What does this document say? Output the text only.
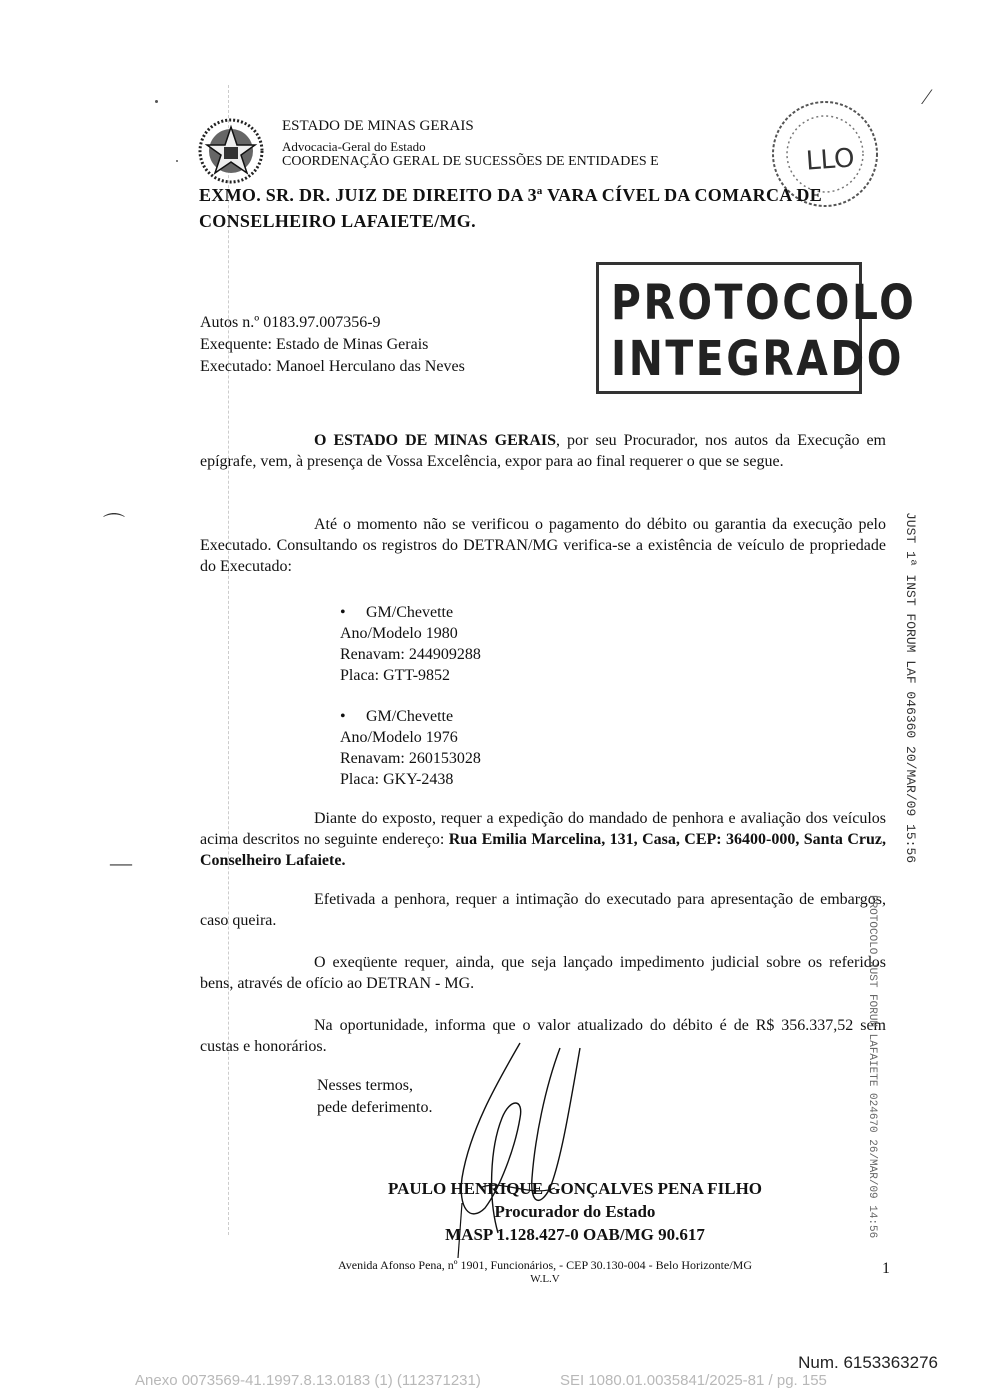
⌒
―
⁄
ESTADO DE MINAS GERAIS
Advocacia-Geral do Estado
COORDENAÇÃO GERAL DE SUCESSÕES DE ENTIDADES E	LLO
EXMO. SR. DR. JUIZ DE DIREITO DA 3ª VARA CÍVEL DA COMARCA DE
CONSELHEIRO LAFAIETE/MG.
PROTOCOLO
INTEGRADO
Autos n.º 0183.97.007356-9
Exequente: Estado de Minas Gerais
Executado: Manoel Herculano das Neves

O ESTADO DE MINAS GERAIS, por seu Procurador, nos autos da Execução em epígrafe, vem, à presença de Vossa Excelência, expor para ao final requerer o que se segue.

Até o momento não se verificou o pagamento do débito ou garantia da execução pelo Executado. Consultando os registros do DETRAN/MG verifica-se a existência de veículo de propriedade do Executado:

• GM/Chevette
Ano/Modelo 1980
Renavam: 244909288
Placa: GTT-9852
• GM/Chevette
Ano/Modelo 1976
Renavam: 260153028
Placa: GKY-2438

Diante do exposto, requer a expedição do mandado de penhora e avaliação dos veículos acima descritos no seguinte endereço: Rua Emilia Marcelina, 131, Casa, CEP: 36400-000, Santa Cruz, Conselheiro Lafaiete.

Efetivada a penhora, requer a intimação do executado para apresentação de embargos, caso queira.

O exeqüente requer, ainda, que seja lançado impedimento judicial sobre os referidos bens, através de ofício ao DETRAN - MG.

Na oportunidade, informa que o valor atualizado do débito é de R$ 356.337,52 sem custas e honorários.

Nesses termos,
pede deferimento.
PAULO HENRIQUE GONÇALVES PENA FILHO
Procurador do Estado
MASP 1.128.427-0 OAB/MG 90.617
Avenida Afonso Pena, nº 1901, Funcionários, - CEP 30.130-004 - Belo Horizonte/MG
W.L.V
1
JUST 1ª INST FORUM LAF 046360 20/MAR/09 15:56
PROTOCOLO JUST FORUM LAFAIETE 024670 26/MAR/09 14:56
Num. 6153363276
Anexo 0073569-41.1997.8.13.0183 (1) (112371231)	SEI 1080.01.0035841/2025-81 / pg. 155
